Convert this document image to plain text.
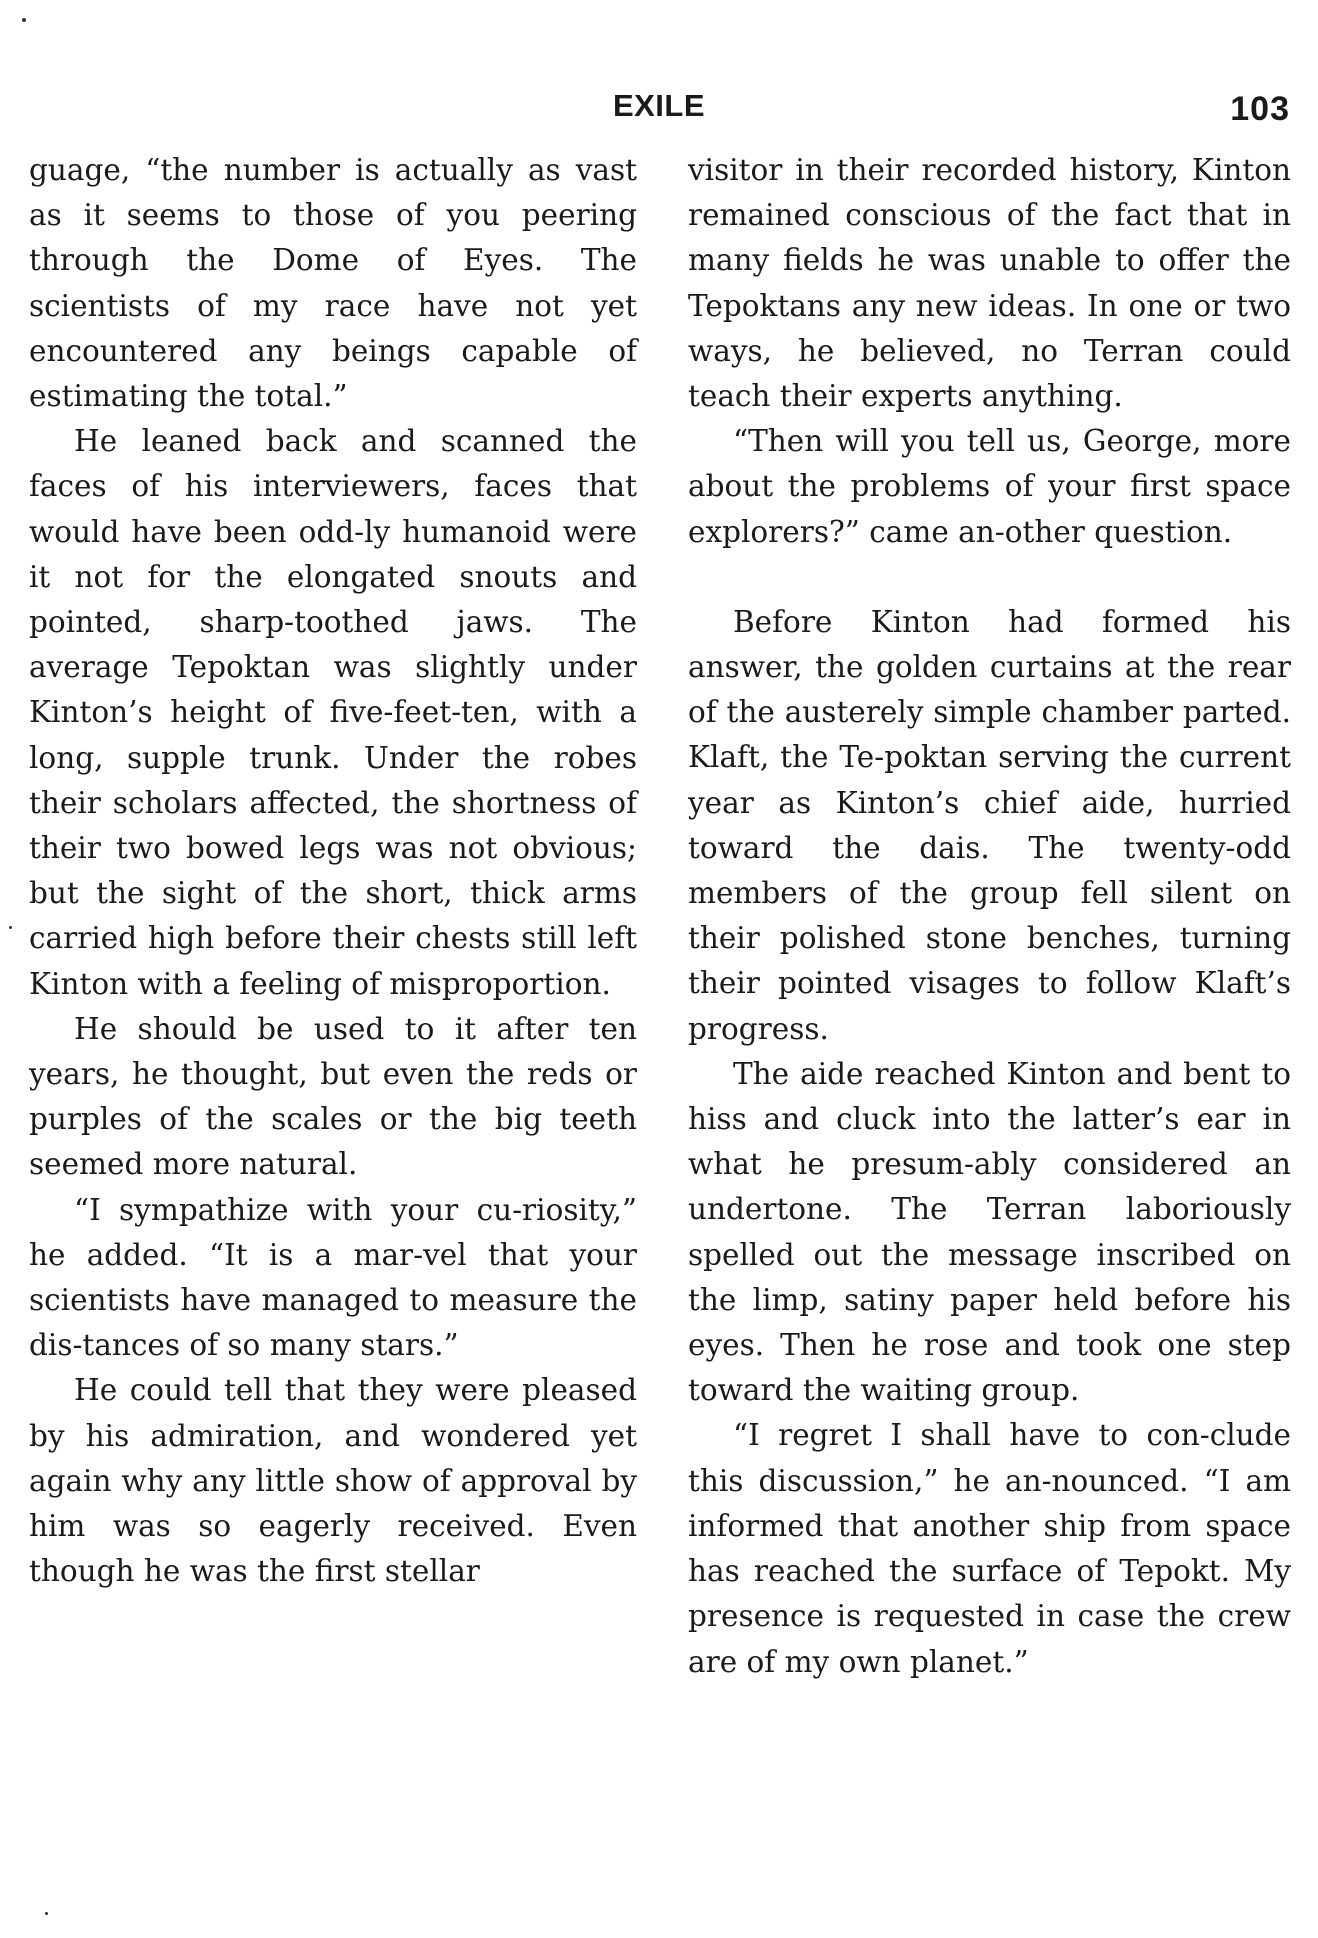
EXILE	103

guage, “the number is actually as vast as it seems to those of you peering through the Dome of Eyes. The scientists of my race have not yet encountered any beings capable of estimating the total.”

He leaned back and scanned the faces of his interviewers, faces that would have been odd-ly humanoid were it not for the elongated snouts and pointed, sharp-toothed jaws. The average Tepoktan was slightly under Kinton’s height of five-feet-ten, with a long, supple trunk. Under the robes their scholars affected, the shortness of their two bowed legs was not obvious; but the sight of the short, thick arms carried high before their chests still left Kinton with a feeling of misproportion.

He should be used to it after ten years, he thought, but even the reds or purples of the scales or the big teeth seemed more natural.

“I sympathize with your cu-riosity,” he added. “It is a mar-vel that your scientists have managed to measure the dis-tances of so many stars.”

He could tell that they were pleased by his admiration, and wondered yet again why any little show of approval by him was so eagerly received. Even though he was the first stellar

visitor in their recorded history, Kinton remained conscious of the fact that in many fields he was unable to offer the Tepoktans any new ideas. In one or two ways, he believed, no Terran could teach their experts anything.

“Then will you tell us, George, more about the problems of your first space explorers?” came an-other question.

Before Kinton had formed his answer, the golden curtains at the rear of the austerely simple chamber parted. Klaft, the Te-poktan serving the current year as Kinton’s chief aide, hurried toward the dais. The twenty-odd members of the group fell silent on their polished stone benches, turning their pointed visages to follow Klaft’s progress.

The aide reached Kinton and bent to hiss and cluck into the latter’s ear in what he presum-ably considered an undertone. The Terran laboriously spelled out the message inscribed on the limp, satiny paper held before his eyes. Then he rose and took one step toward the waiting group.

“I regret I shall have to con-clude this discussion,” he an-nounced. “I am informed that another ship from space has reached the surface of Tepokt. My presence is requested in case the crew are of my own planet.”
